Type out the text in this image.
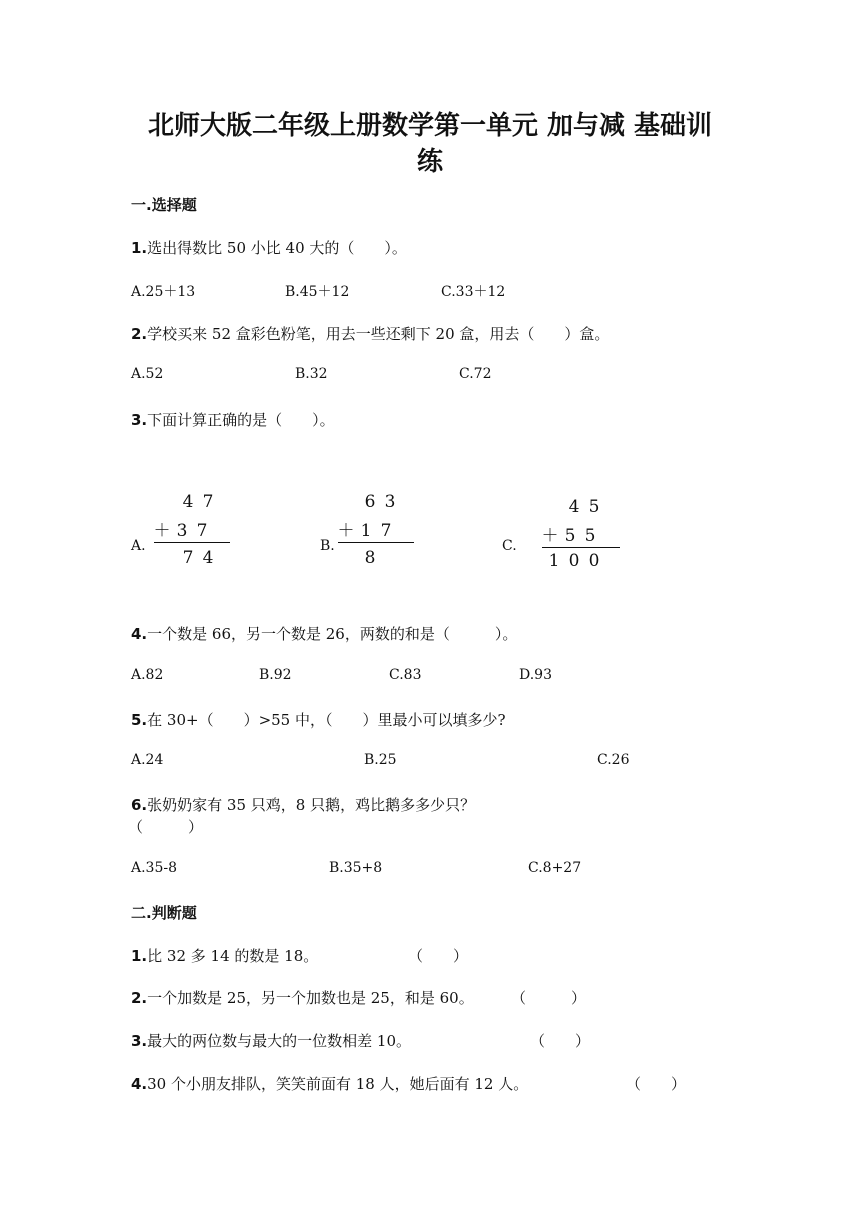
北师大版二年级上册数学第一单元 加与减 基础训
练
一.选择题
1.选出得数比 50 小比 40 大的（　　）。
A.25＋13	B.45＋12	C.33＋12
2.学校买来 52 盒彩色粉笔，用去一些还剩下 20 盒，用去（　　）盒。
A.52	B.32	C.72
3.下面计算正确的是（　　）。
A.
4 7
＋ 3 7
7 4
B.
6 3
＋ 1 7
8
C.
4 5
＋ 5 5
1 0 0
4.一个数是 66，另一个数是 26，两数的和是（　　　）。
A.82	B.92	C.83	D.93
5.在 30+（　　）>55 中，（　　）里最小可以填多少?
A.24	B.25	C.26
6.张奶奶家有 35 只鸡，8 只鹅，鸡比鹅多多少只？
（　　　）
A.35-8	B.35+8	C.8+27
二.判断题
1.比 32 多 14 的数是 18。	（　　）
2.一个加数是 25，另一个加数也是 25，和是 60。 （　　　）
3.最大的两位数与最大的一位数相差 10。	（　　）
4.30 个小朋友排队，笑笑前面有 18 人，她后面有 12 人。	（　　）
